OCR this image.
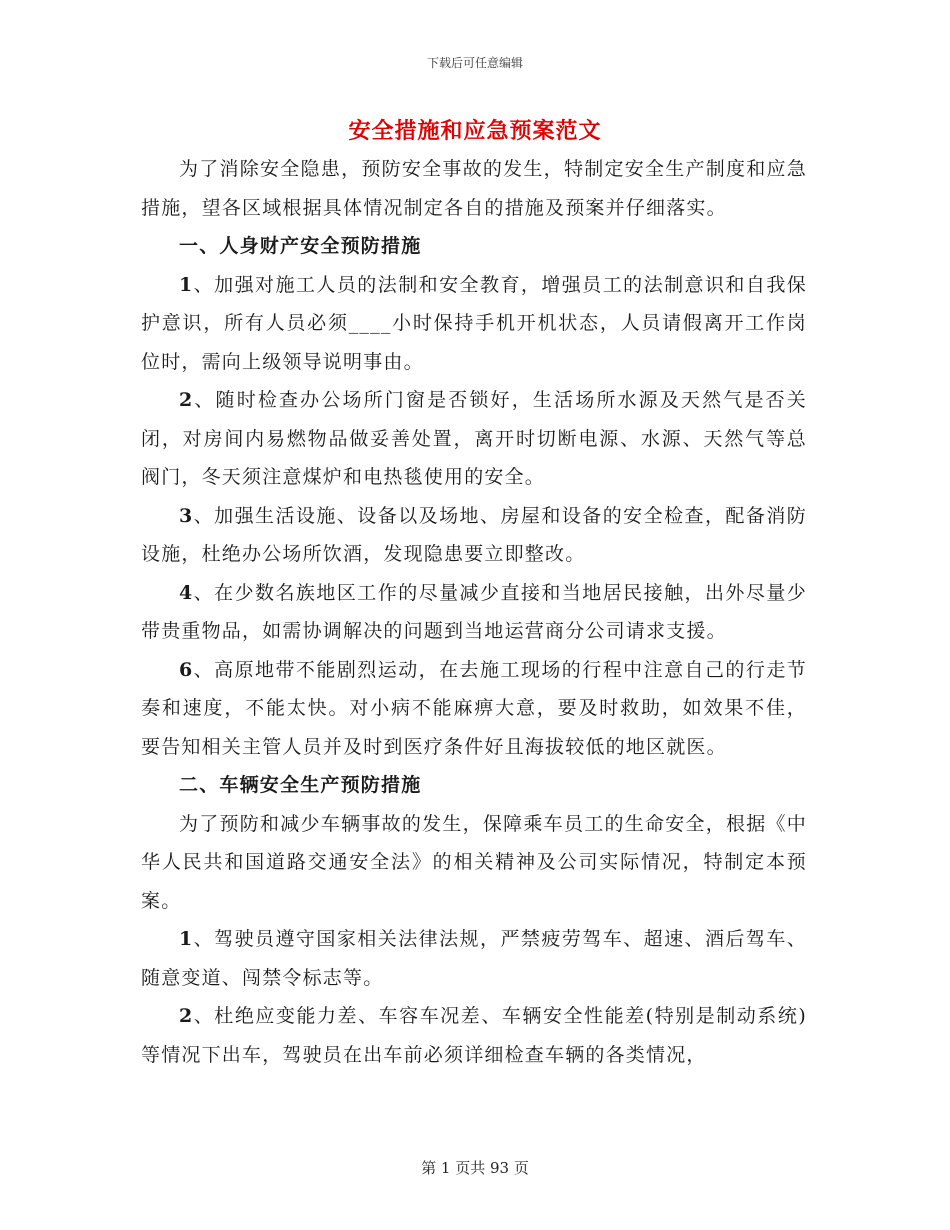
下载后可任意编辑
安全措施和应急预案范文

为了消除安全隐患，预防安全事故的发生，特制定安全生产制度和应急措施，望各区域根据具体情况制定各自的措施及预案并仔细落实。

一、人身财产安全预防措施

1、加强对施工人员的法制和安全教育，增强员工的法制意识和自我保护意识，所有人员必须____小时保持手机开机状态，人员请假离开工作岗位时，需向上级领导说明事由。

2、随时检查办公场所门窗是否锁好，生活场所水源及天然气是否关闭，对房间内易燃物品做妥善处置，离开时切断电源、水源、天然气等总阀门，冬天须注意煤炉和电热毯使用的安全。

3、加强生活设施、设备以及场地、房屋和设备的安全检查，配备消防设施，杜绝办公场所饮酒，发现隐患要立即整改。

4、在少数名族地区工作的尽量减少直接和当地居民接触，出外尽量少带贵重物品，如需协调解决的问题到当地运营商分公司请求支援。

6、高原地带不能剧烈运动，在去施工现场的行程中注意自己的行走节奏和速度，不能太快。对小病不能麻痹大意，要及时救助，如效果不佳，要告知相关主管人员并及时到医疗条件好且海拔较低的地区就医。

二、车辆安全生产预防措施

为了预防和减少车辆事故的发生，保障乘车员工的生命安全，根据《中华人民共和国道路交通安全法》的相关精神及公司实际情况，特制定本预案。

1、驾驶员遵守国家相关法律法规，严禁疲劳驾车、超速、酒后驾车、随意变道、闯禁令标志等。

2、杜绝应变能力差、车容车况差、车辆安全性能差(特别是制动系统)等情况下出车，驾驶员在出车前必须详细检查车辆的各类情况，

第 1 页共 93 页
